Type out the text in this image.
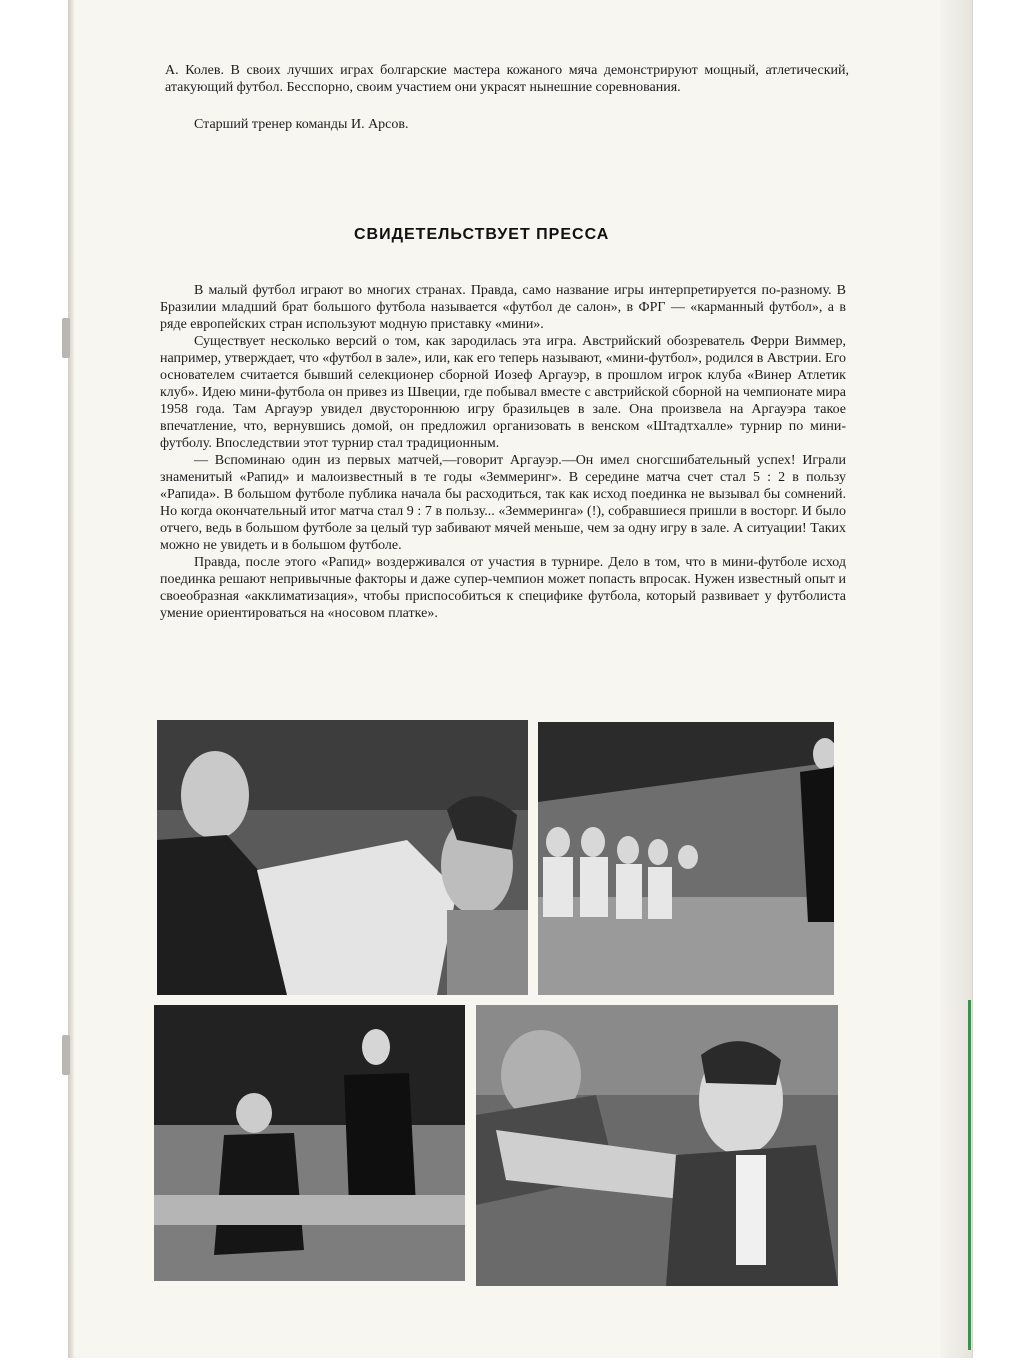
А. Колев. В своих лучших играх болгарские мастера кожаного мяча демонстрируют мощный, атлетический, атакующий футбол. Бесспорно, своим участием они украсят нынешние соревнования.
Старший тренер команды И. Арсов.
СВИДЕТЕЛЬСТВУЕТ ПРЕССА

В малый футбол играют во многих странах. Правда, само название игры интерпретируется по-разному. В Бразилии младший брат большого футбола называется «футбол де салон», в ФРГ — «карманный футбол», а в ряде европейских стран используют модную приставку «мини».

Существует несколько версий о том, как зародилась эта игра. Австрийский обозреватель Ферри Виммер, например, утверждает, что «футбол в зале», или, как его теперь называют, «мини-футбол», родился в Австрии. Его основателем считается бывший селекционер сборной Иозеф Аргауэр, в прошлом игрок клуба «Винер Атлетик клуб». Идею мини-футбола он привез из Швеции, где побывал вместе с австрийской сборной на чемпионате мира 1958 года. Там Аргауэр увидел двустороннюю игру бразильцев в зале. Она произвела на Аргауэра такое впечатление, что, вернувшись домой, он предложил организовать в венском «Штадтхалле» турнир по мини-футболу. Впоследствии этот турнир стал традиционным.

— Вспоминаю один из первых матчей,—говорит Аргауэр.—Он имел сногсшибательный успех! Играли знаменитый «Рапид» и малоизвестный в те годы «Земмеринг». В середине матча счет стал 5 : 2 в пользу «Рапида». В большом футболе публика начала бы расходиться, так как исход поединка не вызывал бы сомнений. Но когда окончательный итог матча стал 9 : 7 в пользу... «Земмеринга» (!), собравшиеся пришли в восторг. И было отчего, ведь в большом футболе за целый тур забивают мячей меньше, чем за одну игру в зале. А ситуации! Таких можно не увидеть и в большом футболе.

Правда, после этого «Рапид» воздерживался от участия в турнире. Дело в том, что в мини-футболе исход поединка решают непривычные факторы и даже супер-чемпион может попасть впросак. Нужен известный опыт и своеобразная «акклиматизация», чтобы приспособиться к специфике футбола, который развивает у футболиста умение ориентироваться на «носовом платке».
